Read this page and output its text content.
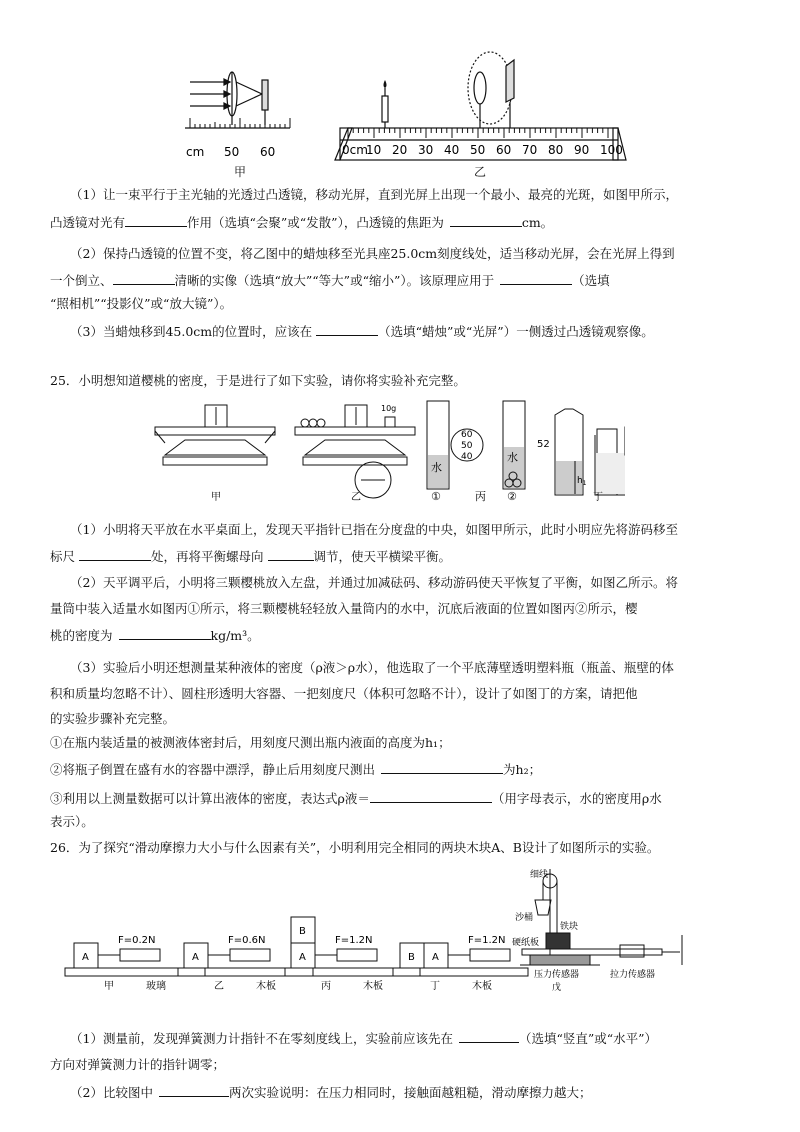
cm 50 60
甲
0cm
10 20 30 40 50 60 70 80 90 100
乙
（1）让一束平行于主光轴的光透过凸透镜，移动光屏，直到光屏上出现一个最小、最亮的光斑，如图甲所示，
凸透镜对光有	作用（选填“会聚”或“发散”），凸透镜的焦距为	cm。
（2）保持凸透镜的位置不变，将乙图中的蜡烛移至光具座25.0cm刻度线处，适当移动光屏，会在光屏上得到
一个倒立、	清晰的实像（选填“放大”“等大”或“缩小”）。该原理应用于	（选填
“照相机”“投影仪”或“放大镜”）。
（3）当蜡烛移到45.0cm的位置时，应该在	（选填“蜡烛”或“光屏”）一侧透过凸透镜观察像。
25．小明想知道樱桃的密度，于是进行了如下实验，请你将实验补充完整。
甲	乙	丙	丁
10g
52
水
水
60
50
40
①	②
$h_1$
（1）小明将天平放在水平桌面上，发现天平指针已指在分度盘的中央，如图甲所示，此时小明应先将游码移至
标尺	处，再将平衡螺母向	调节，使天平横梁平衡。
（2）天平调平后，小明将三颗樱桃放入左盘，并通过加减砝码、移动游码使天平恢复了平衡，如图乙所示。将
量筒中装入适量水如图丙①所示，将三颗樱桃轻轻放入量筒内的水中，沉底后液面的位置如图丙②所示，樱
桃的密度为	kg/m³。
（3）实验后小明还想测量某种液体的密度（ρ液＞ρ水），他选取了一个平底薄壁透明塑料瓶（瓶盖、瓶壁的体
积和质量均忽略不计）、圆柱形透明大容器、一把刻度尺（体积可忽略不计），设计了如图丁的方案，请把他
的实验步骤补充完整。
①在瓶内装适量的被测液体密封后，用刻度尺测出瓶内液面的高度为h₁；
②将瓶子倒置在盛有水的容器中漂浮，静止后用刻度尺测出	为h₂；
③利用以上测量数据可以计算出液体的密度，表达式ρ液＝	（用字母表示，水的密度用ρ水
表示）。
26．为了探究“滑动摩擦力大小与什么因素有关”，小明利用完全相同的两块木块A、B设计了如图所示的实验。
F=0.2N
A
甲	玻璃
F=0.6N
A
乙	木板
F=1.2N
A
B
丙	木板
F=1.2N
B A
丁	木板
细线
沙桶
铁块
硬纸板
拉力传感器
压力传感器
戊
（1）测量前，发现弹簧测力计指针不在零刻度线上，实验前应该先在	（选填“竖直”或“水平”）
方向对弹簧测力计的指针调零；
（2）比较图中	两次实验说明：在压力相同时，接触面越粗糙，滑动摩擦力越大；
